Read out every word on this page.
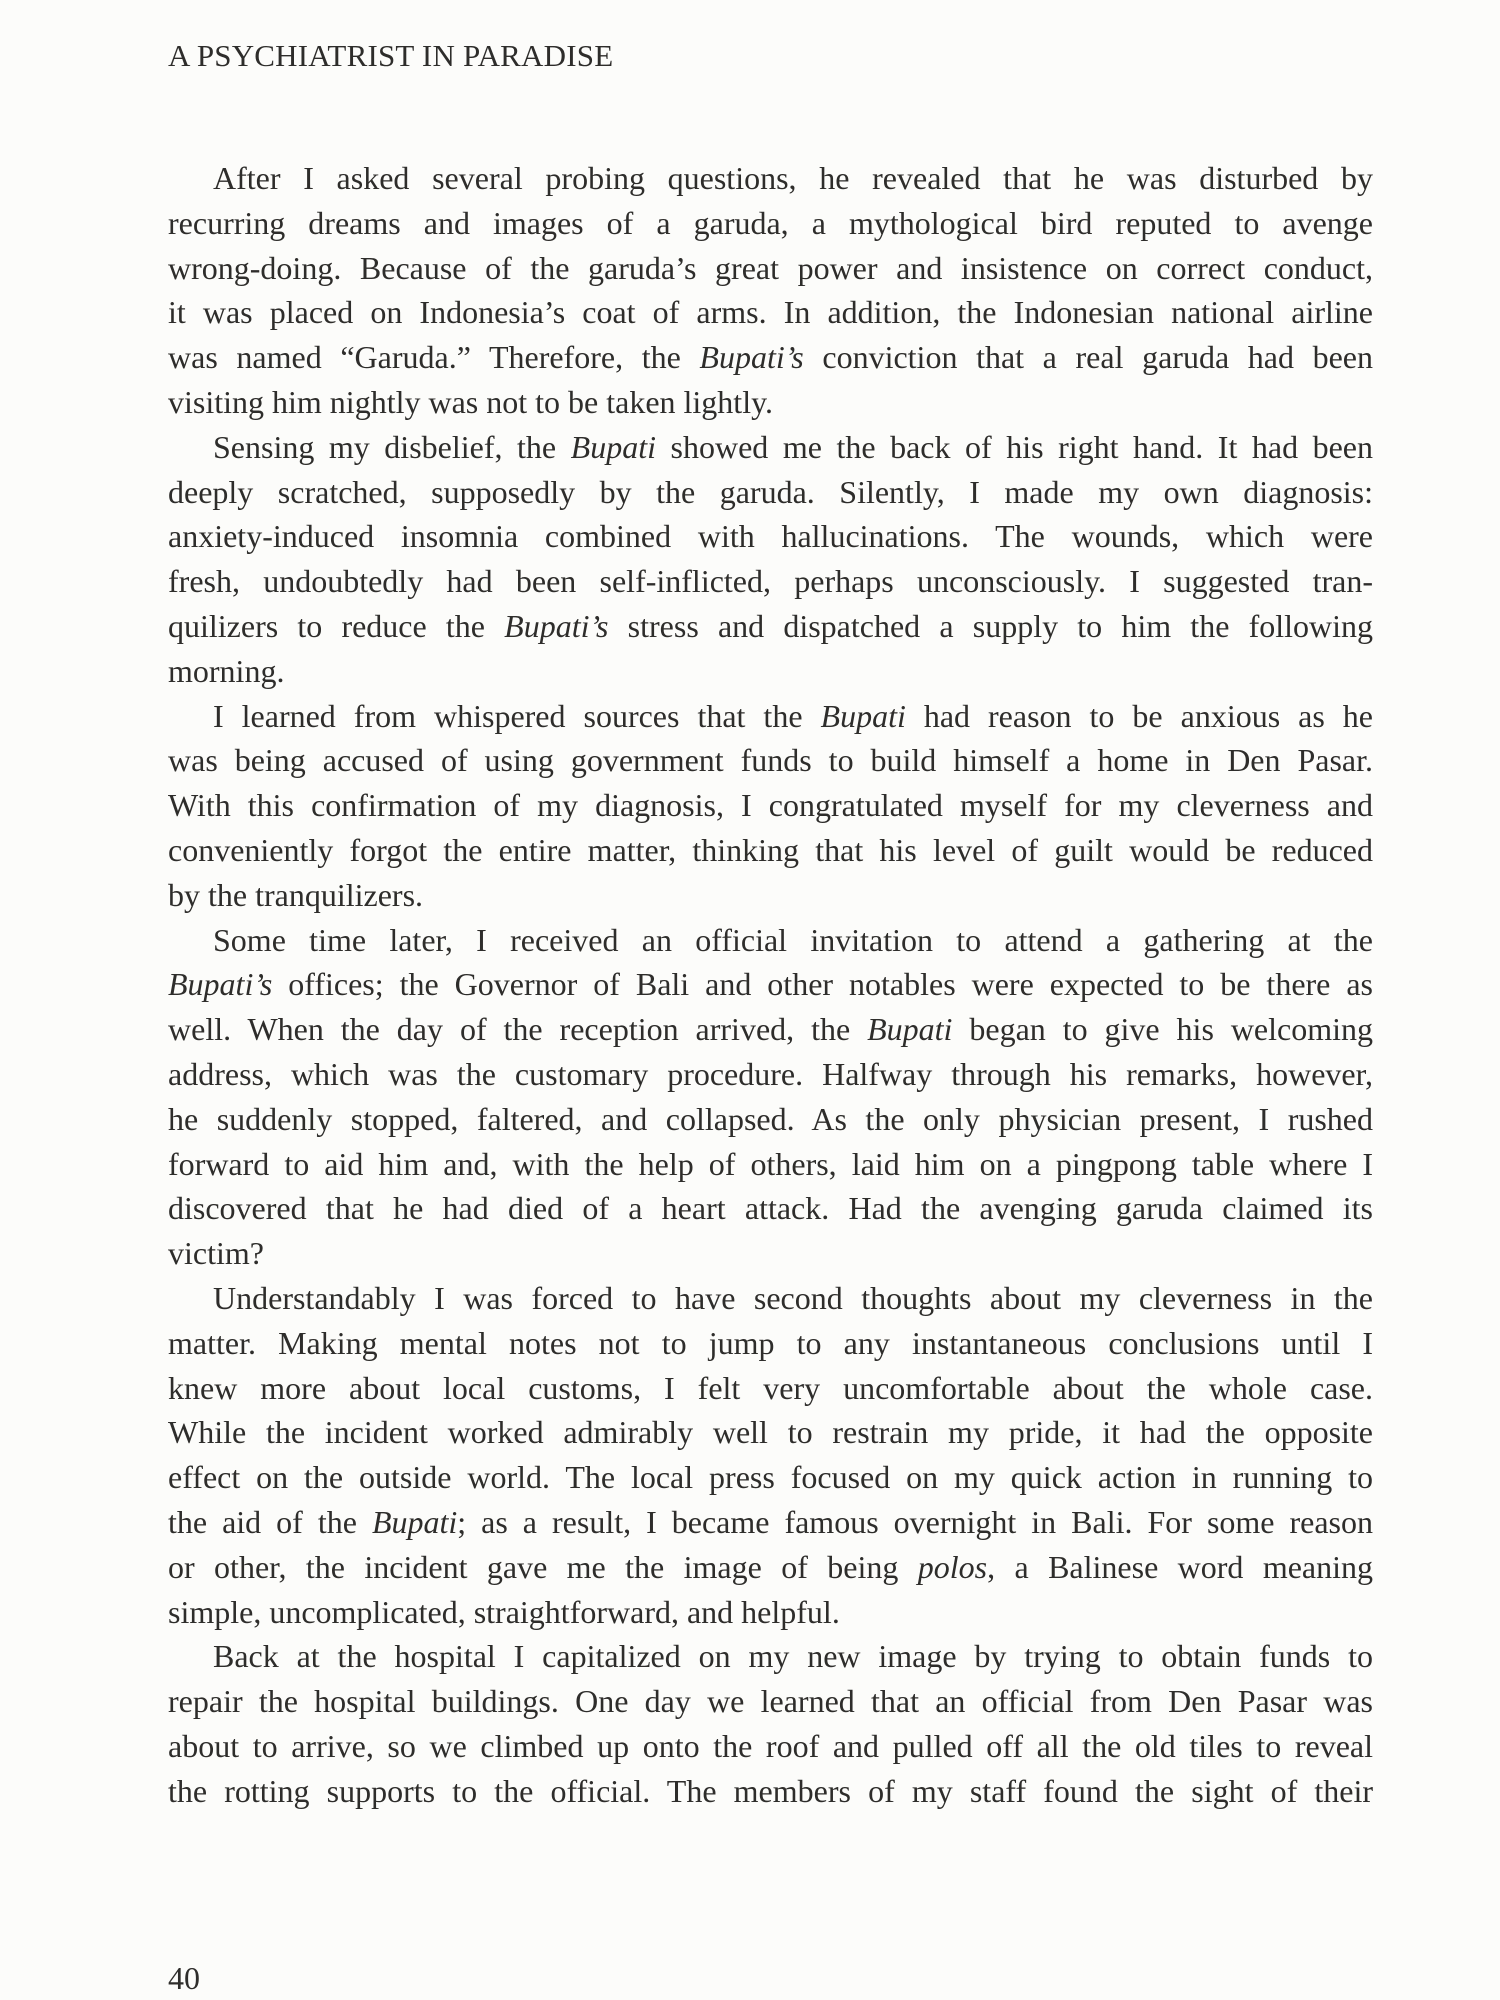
A PSYCHIATRIST IN PARADISE
After I asked several probing questions, he revealed that he was disturbed by
recurring dreams and images of a garuda, a mythological bird reputed to avenge
wrong-doing. Because of the garuda’s great power and insistence on correct conduct,
it was placed on Indonesia’s coat of arms. In addition, the Indonesian national airline
was named “Garuda.” Therefore, the Bupati’s conviction that a real garuda had been
visiting him nightly was not to be taken lightly.
Sensing my disbelief, the Bupati showed me the back of his right hand. It had been
deeply scratched, supposedly by the garuda. Silently, I made my own diagnosis:
anxiety-induced insomnia combined with hallucinations. The wounds, which were
fresh, undoubtedly had been self-inflicted, perhaps unconsciously. I suggested tran-
quilizers to reduce the Bupati’s stress and dispatched a supply to him the following
morning.
I learned from whispered sources that the Bupati had reason to be anxious as he
was being accused of using government funds to build himself a home in Den Pasar.
With this confirmation of my diagnosis, I congratulated myself for my cleverness and
conveniently forgot the entire matter, thinking that his level of guilt would be reduced
by the tranquilizers.
Some time later, I received an official invitation to attend a gathering at the
Bupati’s offices; the Governor of Bali and other notables were expected to be there as
well. When the day of the reception arrived, the Bupati began to give his welcoming
address, which was the customary procedure. Halfway through his remarks, however,
he suddenly stopped, faltered, and collapsed. As the only physician present, I rushed
forward to aid him and, with the help of others, laid him on a pingpong table where I
discovered that he had died of a heart attack. Had the avenging garuda claimed its
victim?
Understandably I was forced to have second thoughts about my cleverness in the
matter. Making mental notes not to jump to any instantaneous conclusions until I
knew more about local customs, I felt very uncomfortable about the whole case.
While the incident worked admirably well to restrain my pride, it had the opposite
effect on the outside world. The local press focused on my quick action in running to
the aid of the Bupati; as a result, I became famous overnight in Bali. For some reason
or other, the incident gave me the image of being polos, a Balinese word meaning
simple, uncomplicated, straightforward, and helpful.
Back at the hospital I capitalized on my new image by trying to obtain funds to
repair the hospital buildings. One day we learned that an official from Den Pasar was
about to arrive, so we climbed up onto the roof and pulled off all the old tiles to reveal
the rotting supports to the official. The members of my staff found the sight of their
40
